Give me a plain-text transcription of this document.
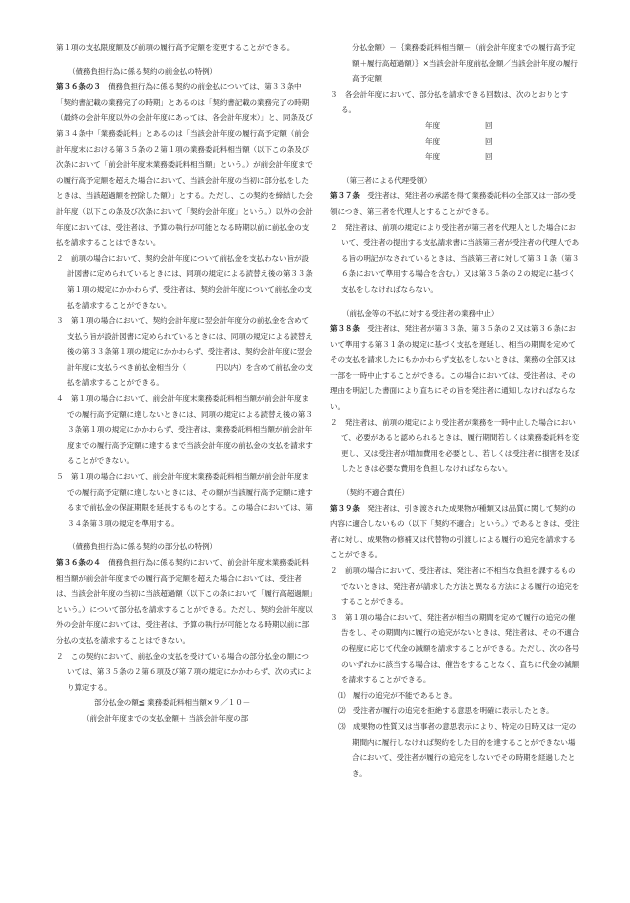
第１項の支払限度額及び前項の履行高予定額を変更することができる。

（債務負担行為に係る契約の前金払の特例）

第３６条の３　債務負担行為に係る契約の前金払については、第３３条中「契約書記載の業務完了の時期」とあるのは「契約書記載の業務完了の時期（最終の会計年度以外の会計年度にあっては、各会計年度末）」と、同条及び第３４条中「業務委託料」とあるのは「当該会計年度の履行高予定額（前会計年度末における第３５条の２第１項の業務委託料相当額（以下この条及び次条において「前会計年度末業務委託料相当額」という。）が前会計年度までの履行高予定額を超えた場合において、当該会計年度の当初に部分払をしたときは、当該超過額を控除した額）」とする。ただし、この契約を締結した会計年度（以下この条及び次条において「契約会計年度」という。）以外の会計年度においては、受注者は、予算の執行が可能となる時期以前に前払金の支払を請求することはできない。

２　前項の場合において、契約会計年度について前払金を支払わない旨が設計図書に定められているときには、同項の規定による読替え後の第３３条第１項の規定にかかわらず、受注者は、契約会計年度について前払金の支払を請求することができない。

３　第１項の場合において、契約会計年度に翌会計年度分の前払金を含めて支払う旨が設計図書に定められているときには、同項の規定による読替え後の第３３条第１項の規定にかかわらず、受注者は、契約会計年度に翌会計年度に支払うべき前払金相当分（　　　　円以内）を含めて前払金の支払を請求することができる。

４　第１項の場合において、前会計年度末業務委託料相当額が前会計年度までの履行高予定額に達しないときには、同項の規定による読替え後の第３３条第１項の規定にかかわらず、受注者は、業務委託料相当額が前会計年度までの履行高予定額に達するまで当該会計年度の前払金の支払を請求することができない。

５　第１項の場合において、前会計年度末業務委託料相当額が前会計年度までの履行高予定額に達しないときには、その額が当該履行高予定額に達するまで前払金の保証期限を延長するものとする。この場合においては、第３４条第３項の規定を準用する。

（債務負担行為に係る契約の部分払の特例）

第３６条の４　債務負担行為に係る契約において、前会計年度末業務委託料相当額が前会計年度までの履行高予定額を超えた場合においては、受注者は、当該会計年度の当初に当該超過額（以下この条において「履行高超過額」という。）について部分払を請求することができる。ただし、契約会計年度以外の会計年度においては、受注者は、予算の執行が可能となる時期以前に部分払の支払を請求することはできない。

２　この契約において、前払金の支払を受けている場合の部分払金の額については、第３５条の２第６項及び第７項の規定にかかわらず、次の式により算定する。

部分払金の額≦ 業務委託料相当額×９／１０－

（前会計年度までの支払金額＋ 当該会計年度の部

分払金額）－｛業務委託料相当額－（前会計年度までの履行高予定額＋履行高超過額）｝×当該会計年度前払金額／当該会計年度の履行高予定額

３　各会計年度において、部分払を請求できる回数は、次のとおりとする。

年度	回
年度	回
年度	回

（第三者による代理受領）

第３７条　受注者は、発注者の承諾を得て業務委託料の全部又は一部の受領につき、第三者を代理人とすることができる。

２　発注者は、前項の規定により受注者が第三者を代理人とした場合において、受注者の提出する支払請求書に当該第三者が受注者の代理人である旨の明記がなされているときは、当該第三者に対して第３１条（第３６条において準用する場合を含む。）又は第３５条の２の規定に基づく支払をしなければならない。

（前払金等の不払に対する受注者の業務中止）

第３８条　受注者は、発注者が第３３条、第３５条の２又は第３６条において準用する第３１条の規定に基づく支払を遅延し、相当の期間を定めてその支払を請求したにもかかわらず支払をしないときは、業務の全部又は一部を一時中止することができる。この場合においては、受注者は、その理由を明記した書面により直ちにその旨を発注者に通知しなければならない。

２　発注者は、前項の規定により受注者が業務を一時中止した場合において、必要があると認められるときは、履行期間若しくは業務委託料を変更し、又は受注者が増加費用を必要とし、若しくは受注者に損害を及ぼしたときは必要な費用を負担しなければならない。

（契約不適合責任）

第３９条　発注者は、引き渡された成果物が種類又は品質に関して契約の内容に適合しないもの（以下「契約不適合」という。）であるときは、受注者に対し、成果物の修補又は代替物の引渡しによる履行の追完を請求することができる。

２　前項の場合において、受注者は、発注者に不相当な負担を課するものでないときは、発注者が請求した方法と異なる方法による履行の追完をすることができる。

３　第１項の場合において、発注者が相当の期間を定めて履行の追完の催告をし、その期間内に履行の追完がないときは、発注者は、その不適合の程度に応じて代金の減額を請求することができる。ただし、次の各号のいずれかに該当する場合は、催告をすることなく、直ちに代金の減額を請求することができる。

⑴　 履行の追完が不能であるとき。

⑵　 受注者が履行の追完を拒絶する意思を明確に表示したとき。

⑶　 成果物の性質又は当事者の意思表示により、特定の日時又は一定の期間内に履行しなければ契約をした目的を達することができない場合において、受注者が履行の追完をしないでその時期を経過したとき。
